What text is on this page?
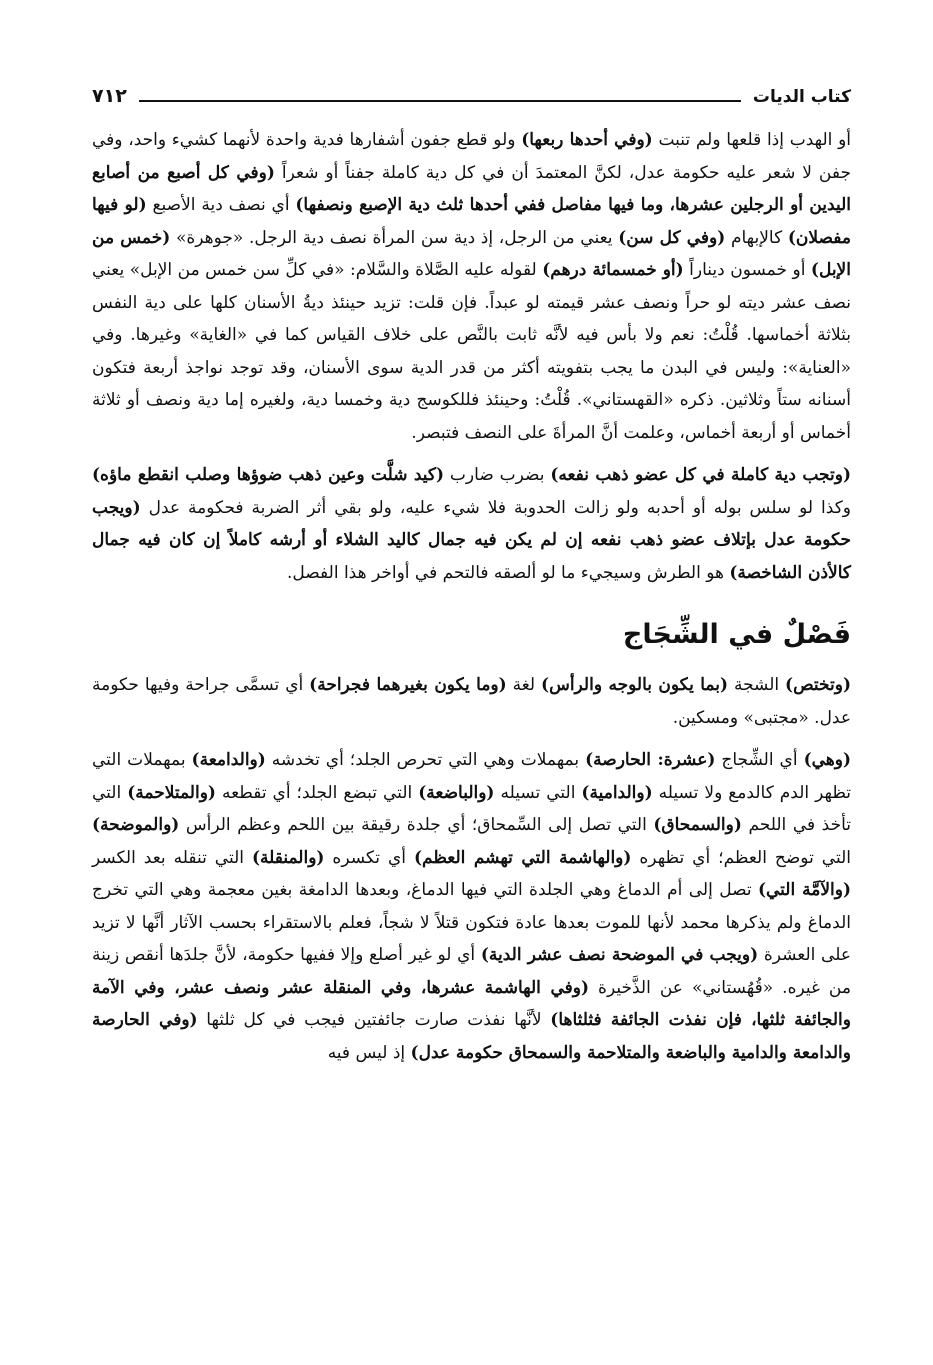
٧١٢	كتاب الديات

أو الهدب إذا قلعها ولم تنبت (وفي أحدها ربعها) ولو قطع جفون أشفارها فدية واحدة لأنهما كشيء واحد، وفي جفن لا شعر عليه حكومة عدل، لكنَّ المعتمدَ أن في كل دية كاملة جفناً أو شعراً (وفي كل أصبع من أصابع اليدين أو الرجلين عشرها، وما فيها مفاصل ففي أحدها ثلث دية الإصبع ونصفها) أي نصف دية الأصبع (لو فيها مفصلان) كالإبهام (وفي كل سن) يعني من الرجل، إذ دية سن المرأة نصف دية الرجل. «جوهرة» (خمس من الإبل) أو خمسون ديناراً (أو خمسمائة درهم) لقوله عليه الصَّلاة والسَّلام: «في كلِّ سن خمس من الإبل» يعني نصف عشر ديته لو حراً ونصف عشر قيمته لو عبداً. فإن قلت: تزيد حينئذ ديةُ الأسنان كلها على دية النفس بثلاثة أخماسها. قُلْتُ: نعم ولا بأس فيه لأنَّه ثابت بالنَّص على خلاف القياس كما في «الغاية» وغيرها. وفي «العناية»: وليس في البدن ما يجب بتفويته أكثر من قدر الدية سوى الأسنان، وقد توجد نواجذ أربعة فتكون أسنانه ستاً وثلاثين. ذكره «القهستاني». قُلْتُ: وحينئذ فللكوسج دية وخمسا دية، ولغيره إما دية ونصف أو ثلاثة أخماس أو أربعة أخماس، وعلمت أنَّ المرأةَ على النصف فتبصر.

(وتجب دية كاملة في كل عضو ذهب نفعه) بضرب ضارب (كيد شلَّت وعين ذهب ضوؤها وصلب انقطع ماؤه) وكذا لو سلس بوله أو أحدبه ولو زالت الحدوبة فلا شيء عليه، ولو بقي أثر الضربة فحكومة عدل (ويجب حكومة عدل بإتلاف عضو ذهب نفعه إن لم يكن فيه جمال كاليد الشلاء أو أرشه كاملاً إن كان فيه جمال كالأذن الشاخصة) هو الطرش وسيجيء ما لو ألصقه فالتحم في أواخر هذا الفصل.

فَصْلٌ في الشِّجَاج

(وتختص) الشجة (بما يكون بالوجه والرأس) لغة (وما يكون بغيرهما فجراحة) أي تسمَّى جراحة وفيها حكومة عدل. «مجتبى» ومسكين.

(وهي) أي الشِّجاج (عشرة: الحارصة) بمهملات وهي التي تحرص الجلد؛ أي تخدشه (والدامعة) بمهملات التي تظهر الدم كالدمع ولا تسيله (والدامية) التي تسيله (والباضعة) التي تبضع الجلد؛ أي تقطعه (والمتلاحمة) التي تأخذ في اللحم (والسمحاق) التي تصل إلى السِّمحاق؛ أي جلدة رقيقة بين اللحم وعظم الرأس (والموضحة) التي توضح العظم؛ أي تظهره (والهاشمة التي تهشم العظم) أي تكسره (والمنقلة) التي تنقله بعد الكسر (والآمَّة التي) تصل إلى أم الدماغ وهي الجلدة التي فيها الدماغ، وبعدها الدامغة بغين معجمة وهي التي تخرج الدماغ ولم يذكرها محمد لأنها للموت بعدها عادة فتكون قتلاً لا شجاً، فعلم بالاستقراء بحسب الآثار أنَّها لا تزيد على العشرة (ويجب في الموضحة نصف عشر الدية) أي لو غير أصلع وإلا ففيها حكومة، لأنَّ جلدَها أنقص زينة من غيره. «قُهُستاني» عن الذَّخيرة (وفي الهاشمة عشرها، وفي المنقلة عشر ونصف عشر، وفي الآمة والجائفة ثلثها، فإن نفذت الجائفة فثلثاها) لأنَّها نفذت صارت جائفتين فيجب في كل ثلثها (وفي الحارصة والدامعة والدامية والباضعة والمتلاحمة والسمحاق حكومة عدل) إذ ليس فيه
